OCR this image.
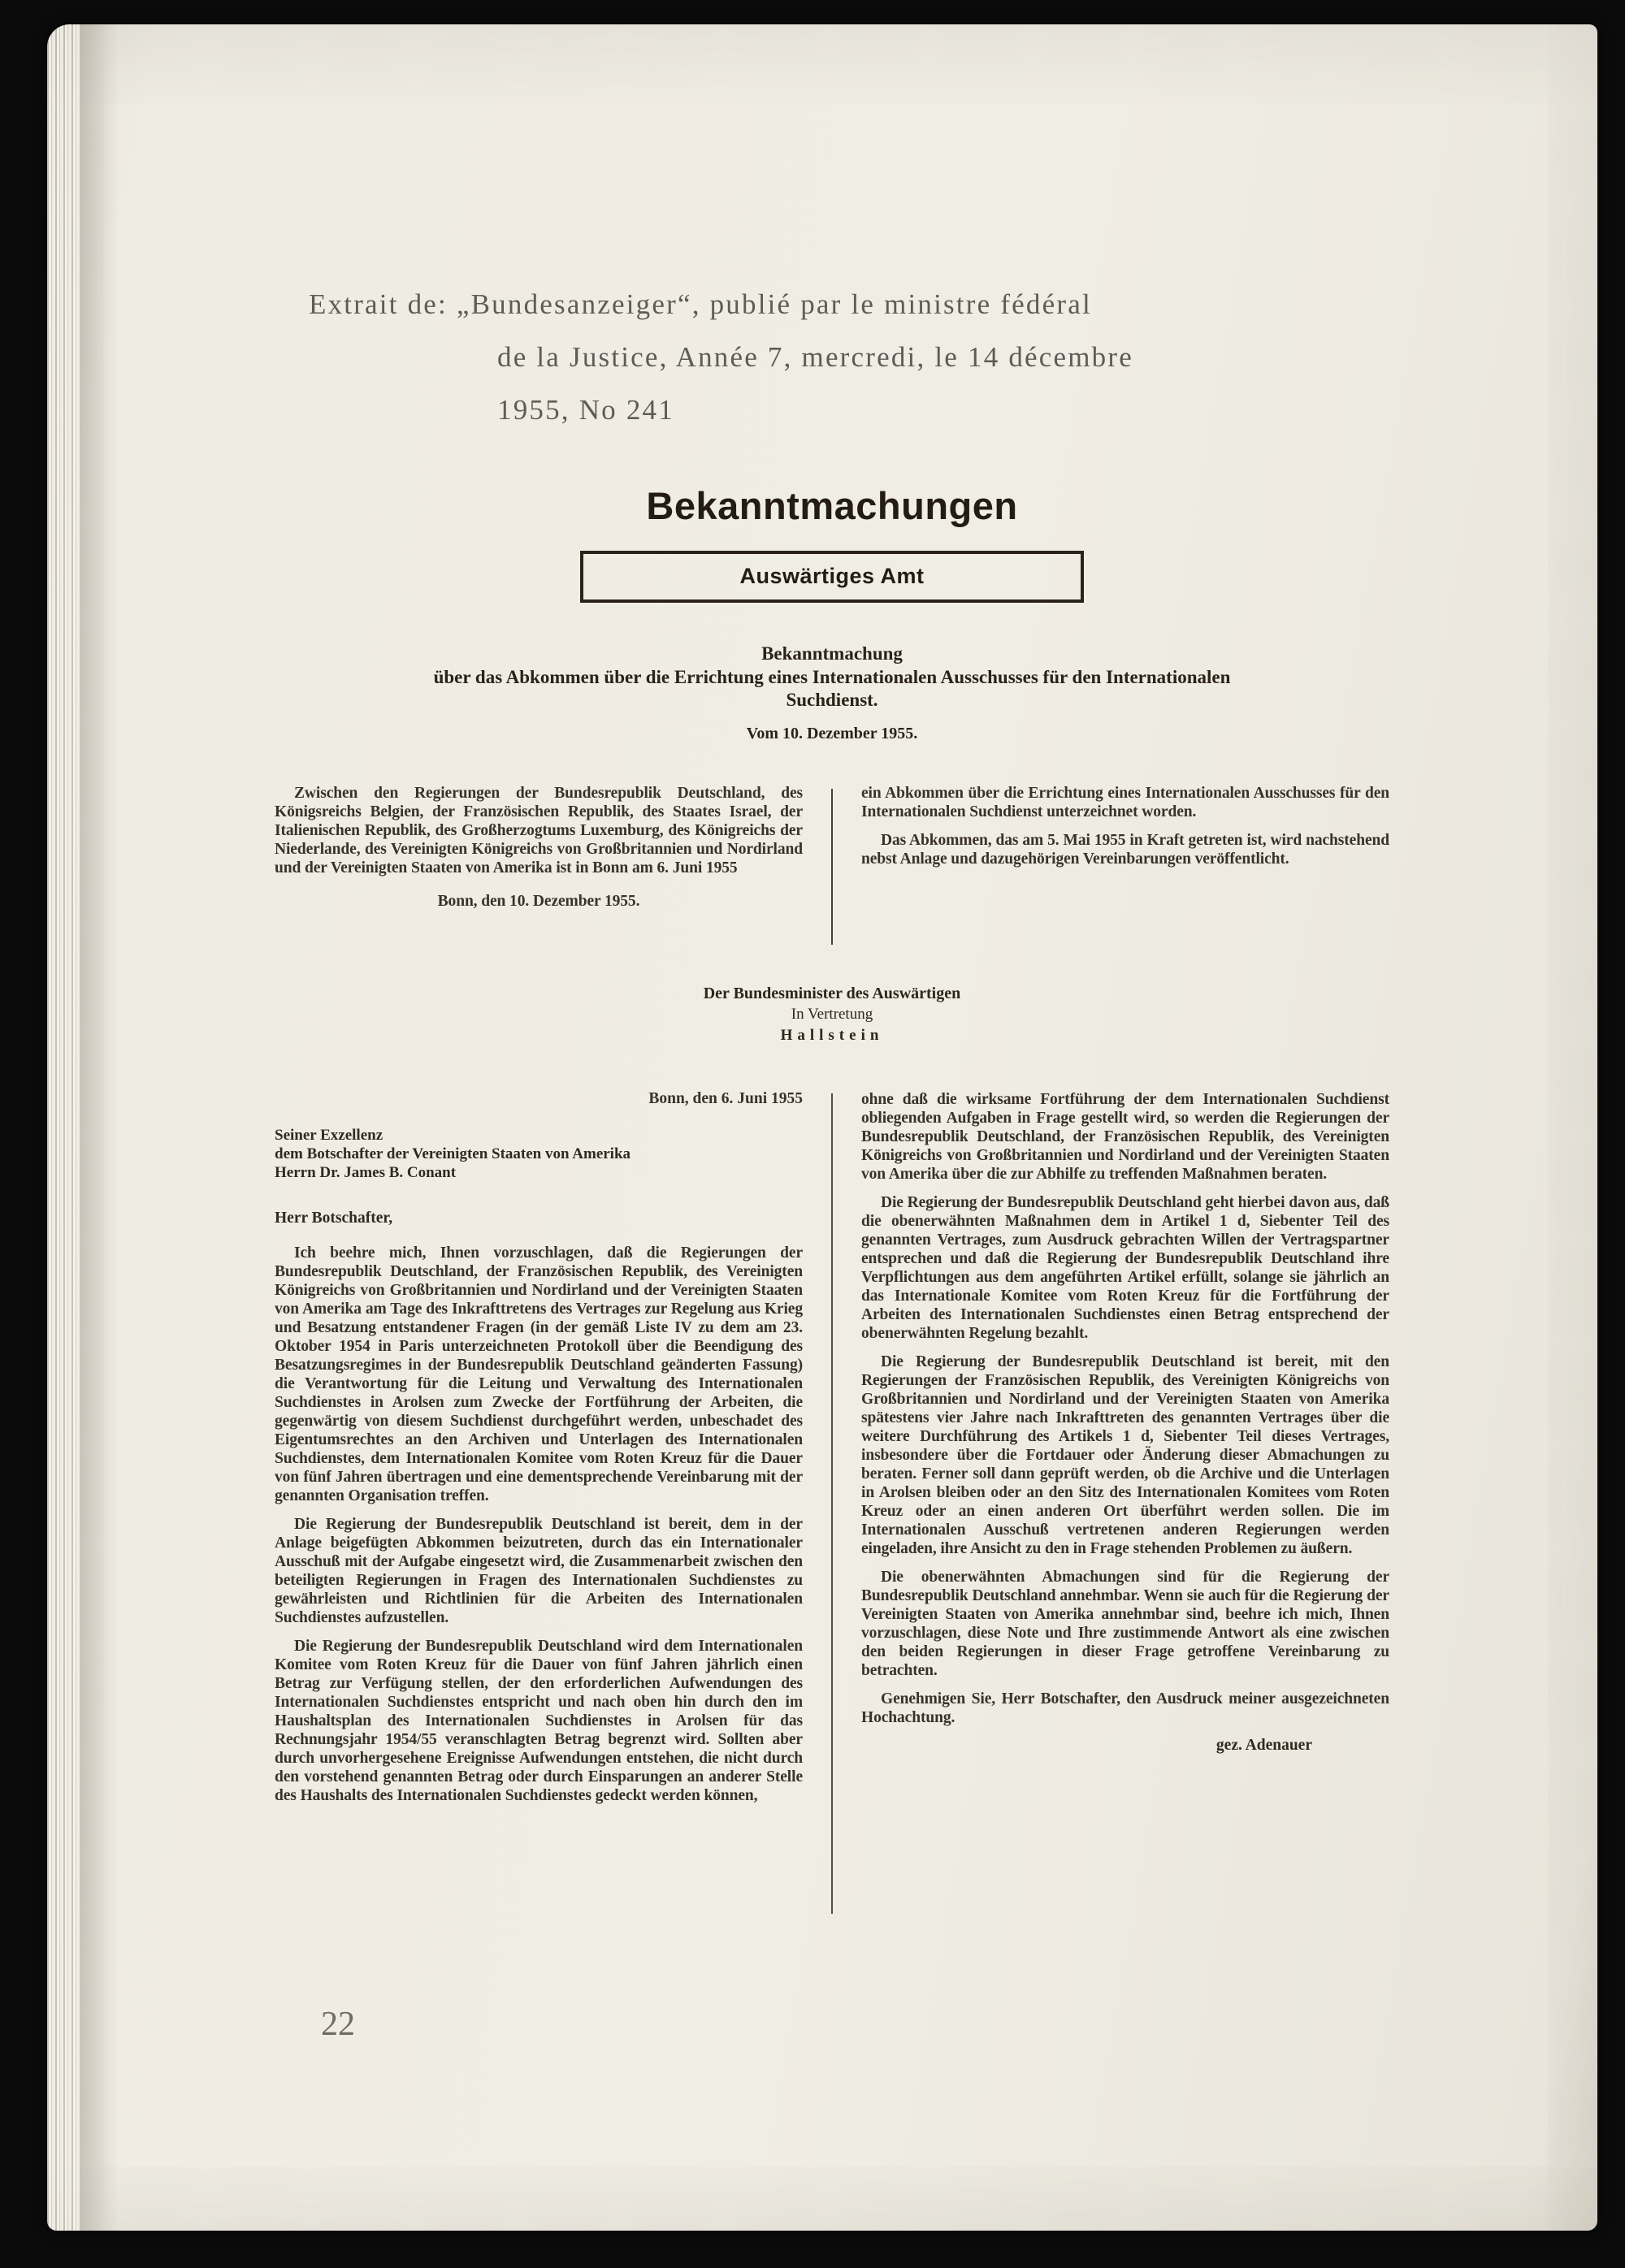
Extrait de: „Bundesanzeiger“, publié par le ministre fédéral
de la Justice, Année 7, mercredi, le 14 décembre
1955, No 241
Bekanntmachungen
Auswärtiges Amt
Bekanntmachung
über das Abkommen über die Errichtung eines Internationalen Ausschusses für den Internationalen Suchdienst.
Vom 10. Dezember 1955.

Zwischen den Regierungen der Bundesrepublik Deutschland, des Königsreichs Belgien, der Französischen Republik, des Staates Israel, der Italienischen Republik, des Großherzogtums Luxemburg, des Königreichs der Niederlande, des Vereinigten Königreichs von Großbritannien und Nordirland und der Vereinigten Staaten von Amerika ist in Bonn am 6. Juni 1955

Bonn, den 10. Dezember 1955.

ein Abkommen über die Errichtung eines Internationalen Ausschusses für den Internationalen Suchdienst unterzeichnet worden.

Das Abkommen, das am 5. Mai 1955 in Kraft getreten ist, wird nachstehend nebst Anlage und dazugehörigen Vereinbarungen veröffentlicht.

Der Bundesminister des Auswärtigen
In Vertretung
Hallstein
Bonn, den 6. Juni 1955
Seiner Exzellenz
dem Botschafter der Vereinigten Staaten von Amerika
Herrn Dr. James B. Conant
Herr Botschafter,

Ich beehre mich, Ihnen vorzuschlagen, daß die Regierungen der Bundesrepublik Deutschland, der Französischen Republik, des Vereinigten Königreichs von Großbritannien und Nordirland und der Vereinigten Staaten von Amerika am Tage des Inkrafttretens des Vertrages zur Regelung aus Krieg und Besatzung entstandener Fragen (in der gemäß Liste IV zu dem am 23. Oktober 1954 in Paris unterzeichneten Protokoll über die Beendigung des Besatzungsregimes in der Bundesrepublik Deutschland geänderten Fassung) die Verantwortung für die Leitung und Verwaltung des Internationalen Suchdienstes in Arolsen zum Zwecke der Fortführung der Arbeiten, die gegenwärtig von diesem Suchdienst durchgeführt werden, unbeschadet des Eigentumsrechtes an den Archiven und Unterlagen des Internationalen Suchdienstes, dem Internationalen Komitee vom Roten Kreuz für die Dauer von fünf Jahren übertragen und eine dementsprechende Vereinbarung mit der genannten Organisation treffen.

Die Regierung der Bundesrepublik Deutschland ist bereit, dem in der Anlage beigefügten Abkommen beizutreten, durch das ein Internationaler Ausschuß mit der Aufgabe eingesetzt wird, die Zusammenarbeit zwischen den beteiligten Regierungen in Fragen des Internationalen Suchdienstes zu gewährleisten und Richtlinien für die Arbeiten des Internationalen Suchdienstes aufzustellen.

Die Regierung der Bundesrepublik Deutschland wird dem Internationalen Komitee vom Roten Kreuz für die Dauer von fünf Jahren jährlich einen Betrag zur Verfügung stellen, der den erforderlichen Aufwendungen des Internationalen Suchdienstes entspricht und nach oben hin durch den im Haushaltsplan des Internationalen Suchdienstes in Arolsen für das Rechnungsjahr 1954/55 veranschlagten Betrag begrenzt wird. Sollten aber durch unvorhergesehene Ereignisse Aufwendungen entstehen, die nicht durch den vorstehend genannten Betrag oder durch Einsparungen an anderer Stelle des Haushalts des Internationalen Suchdienstes gedeckt werden können,

ohne daß die wirksame Fortführung der dem Internationalen Suchdienst obliegenden Aufgaben in Frage gestellt wird, so werden die Regierungen der Bundesrepublik Deutschland, der Französischen Republik, des Vereinigten Königreichs von Großbritannien und Nordirland und der Vereinigten Staaten von Amerika über die zur Abhilfe zu treffenden Maßnahmen beraten.

Die Regierung der Bundesrepublik Deutschland geht hierbei davon aus, daß die obenerwähnten Maßnahmen dem in Artikel 1 d, Siebenter Teil des genannten Vertrages, zum Ausdruck gebrachten Willen der Vertragspartner entsprechen und daß die Regierung der Bundesrepublik Deutschland ihre Verpflichtungen aus dem angeführten Artikel erfüllt, solange sie jährlich an das Internationale Komitee vom Roten Kreuz für die Fortführung der Arbeiten des Internationalen Suchdienstes einen Betrag entsprechend der obenerwähnten Regelung bezahlt.

Die Regierung der Bundesrepublik Deutschland ist bereit, mit den Regierungen der Französischen Republik, des Vereinigten Königreichs von Großbritannien und Nordirland und der Vereinigten Staaten von Amerika spätestens vier Jahre nach Inkrafttreten des genannten Vertrages über die weitere Durchführung des Artikels 1 d, Siebenter Teil dieses Vertrages, insbesondere über die Fortdauer oder Änderung dieser Abmachungen zu beraten. Ferner soll dann geprüft werden, ob die Archive und die Unterlagen in Arolsen bleiben oder an den Sitz des Internationalen Komitees vom Roten Kreuz oder an einen anderen Ort überführt werden sollen. Die im Internationalen Ausschuß vertretenen anderen Regierungen werden eingeladen, ihre Ansicht zu den in Frage stehenden Problemen zu äußern.

Die obenerwähnten Abmachungen sind für die Regierung der Bundesrepublik Deutschland annehmbar. Wenn sie auch für die Regierung der Vereinigten Staaten von Amerika annehmbar sind, beehre ich mich, Ihnen vorzuschlagen, diese Note und Ihre zustimmende Antwort als eine zwischen den beiden Regierungen in dieser Frage getroffene Vereinbarung zu betrachten.

Genehmigen Sie, Herr Botschafter, den Ausdruck meiner ausgezeichneten Hochachtung.

gez. Adenauer
22
